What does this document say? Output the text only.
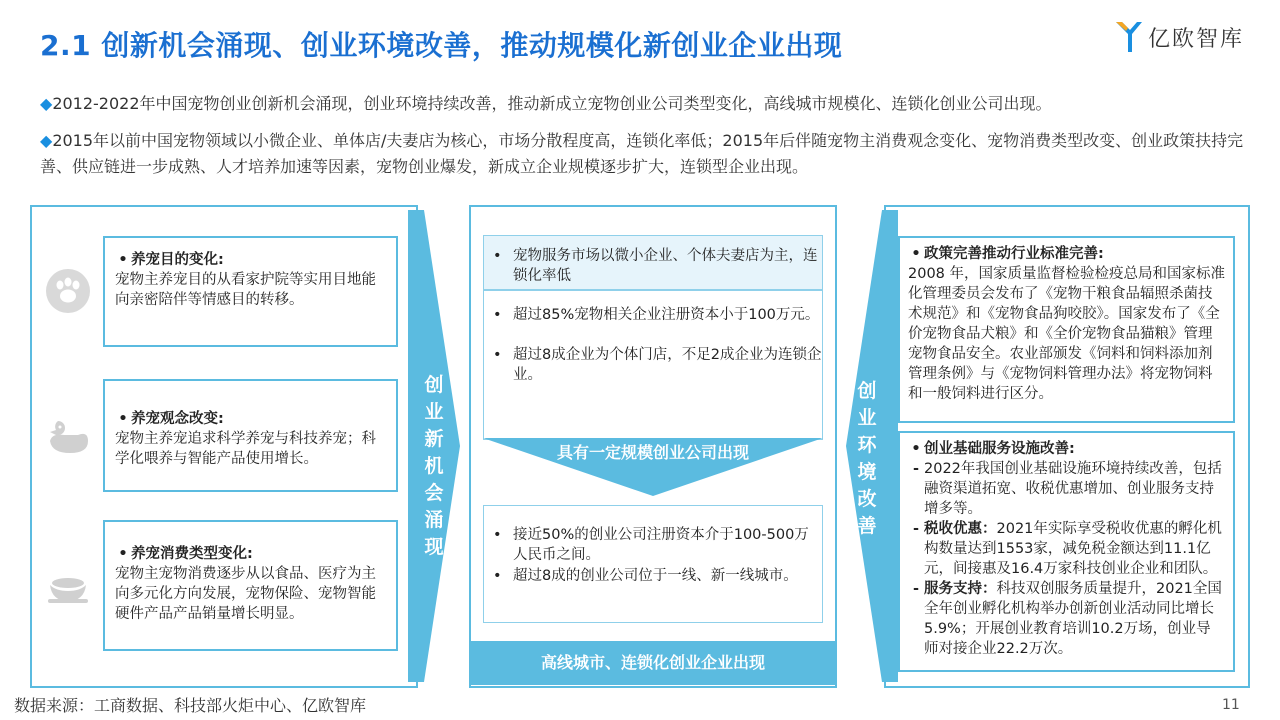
2.1 创新机会涌现、创业环境改善，推动规模化新创业企业出现	亿欧智库
◆2012-2022年中国宠物创业创新机会涌现，创业环境持续改善，推动新成立宠物创业公司类型变化，高线城市规模化、连锁化创业公司出现。
◆2015年以前中国宠物领域以小微企业、单体店/夫妻店为核心，市场分散程度高，连锁化率低；2015年后伴随宠物主消费观念变化、宠物消费类型改变、创业政策扶持完善、供应链进一步成熟、人才培养加速等因素，宠物创业爆发，新成立企业规模逐步扩大，连锁型企业出现。
创
业
新
机
会
涌
现
创
业
环
境
改
善
• 养宠目的变化:
宠物主养宠目的从看家护院等实用目地能向亲密陪伴等情感目的转移。
• 养宠观念改变:
宠物主养宠追求科学养宠与科技养宠；科学化喂养与智能产品使用增长。
• 养宠消费类型变化:
宠物主宠物消费逐步从以食品、医疗为主向多元化方向发展，宠物保险、宠物智能硬件产品产品销量增长明显。
• 宠物服务市场以微小企业、个体夫妻店为主，连锁化率低
• 超过85%宠物相关企业注册资本小于100万元。
• 超过8成企业为个体门店，不足2成企业为连锁企业。
具有一定规模创业公司出现
• 接近50%的创业公司注册资本介于100-500万人民币之间。
• 超过8成的创业公司位于一线、新一线城市。
高线城市、连锁化创业企业出现
• 政策完善推动行业标准完善:
2008 年，国家质量监督检验检疫总局和国家标准化管理委员会发布了《宠物干粮食品辐照杀菌技术规范》和《宠物食品狗咬胶》。国家发布了《全价宠物食品犬粮》和《全价宠物食品猫粮》管理宠物食品安全。农业部颁发《饲料和饲料添加剂管理条例》与《宠物饲料管理办法》将宠物饲料和一般饲料进行区分。
• 创业基础服务设施改善:
- 2022年我国创业基础设施环境持续改善，包括融资渠道拓宽、收税优惠增加、创业服务支持增多等。
- 税收优惠：2021年实际享受税收优惠的孵化机构数量达到1553家，减免税金额达到11.1亿元，间接惠及16.4万家科技创业企业和团队。
- 服务支持：科技双创服务质量提升，2021全国全年创业孵化机构举办创新创业活动同比增长5.9%；开展创业教育培训10.2万场，创业导师对接企业22.2万次。
数据来源：工商数据、科技部火炬中心、亿欧智库	11
